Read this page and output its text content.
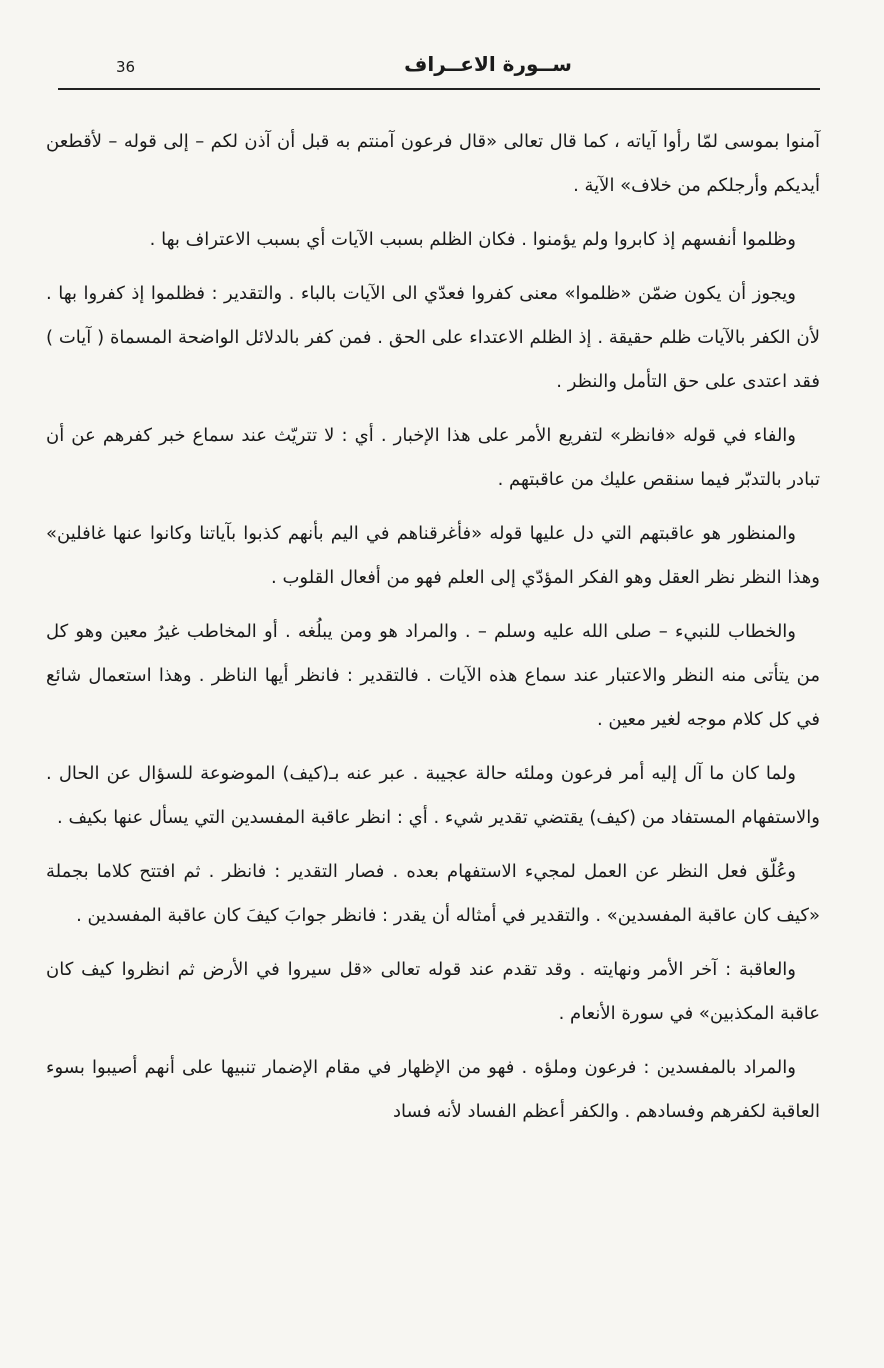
36	ســورة الاعــراف

آمنوا بموسى لمّا رأوا آياته ، كما قال تعالى «قال فرعون آمنتم به قبل أن آذن لكم – إلى قوله – لأقطعن أيديكم وأرجلكم من خلاف» الآية .

وظلموا أنفسهم إذ كابروا ولم يؤمنوا . فكان الظلم بسبب الآيات أي بسبب الاعتراف بها .

ويجوز أن يكون ضمّن «ظلموا» معنى كفروا فعدّي الى الآيات بالباء . والتقدير : فظلموا إذ كفروا بها . لأن الكفر بالآيات ظلم حقيقة . إذ الظلم الاعتداء على الحق . فمن كفر بالدلائل الواضحة المسماة ( آيات ) فقد اعتدى على حق التأمل والنظر .

والفاء في قوله «فانظر» لتفريع الأمر على هذا الإخبار . أي : لا تتريّث عند سماع خبر كفرهم عن أن تبادر بالتدبّر فيما سنقص عليك من عاقبتهم .

والمنظور هو عاقبتهم التي دل عليها قوله «فأغرقناهم في اليم بأنهم كذبوا بآياتنا وكانوا عنها غافلين» وهذا النظر نظر العقل وهو الفكر المؤدّي إلى العلم فهو من أفعال القلوب .

والخطاب للنبيء – صلى الله عليه وسلم – . والمراد هو ومن يبلُغه . أو المخاطب غيرُ معين وهو كل من يتأتى منه النظر والاعتبار عند سماع هذه الآيات . فالتقدير : فانظر أيها الناظر . وهذا استعمال شائع في كل كلام موجه لغير معين .

ولما كان ما آل إليه أمر فرعون وملئه حالة عجيبة . عبر عنه بـ(كيف) الموضوعة للسؤال عن الحال . والاستفهام المستفاد من (كيف) يقتضي تقدير شيء . أي : انظر عاقبة المفسدين التي يسأل عنها بكيف .

وعُلّق فعل النظر عن العمل لمجيء الاستفهام بعده . فصار التقدير : فانظر . ثم افتتح كلاما بجملة «كيف كان عاقبة المفسدين» . والتقدير في أمثاله أن يقدر : فانظر جوابَ كيفَ كان عاقبة المفسدين .

والعاقبة : آخر الأمر ونهايته . وقد تقدم عند قوله تعالى «قل سيروا في الأرض ثم انظروا كيف كان عاقبة المكذبين» في سورة الأنعام .

والمراد بالمفسدين : فرعون وملؤه . فهو من الإظهار في مقام الإضمار تنبيها على أنهم أصيبوا بسوء العاقبة لكفرهم وفسادهم . والكفر أعظم الفساد لأنه فساد
